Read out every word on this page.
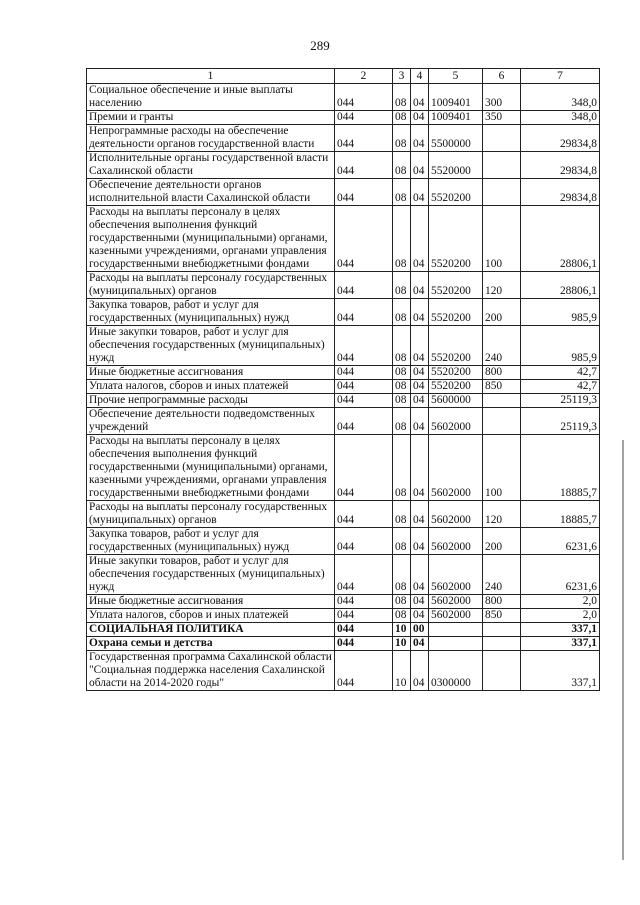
289
1	2	3	4	5	6	7
Социальное обеспечение и иные выплаты населению	044	08	04	1009401	300	348,0
Премии и гранты	044	08	04	1009401	350	348,0
Непрограммные расходы на обеспечение деятельности органов государственной власти	044	08	04	5500000		29834,8
Исполнительные органы государственной власти Сахалинской области	044	08	04	5520000		29834,8
Обеспечение деятельности органов исполнительной власти Сахалинской области	044	08	04	5520200		29834,8
Расходы на выплаты персоналу в целях обеспечения выполнения функций государственными (муниципальными) органами, казенными учреждениями, органами управления государственными внебюджетными фондами	044	08	04	5520200	100	28806,1
Расходы на выплаты персоналу государственных (муниципальных) органов	044	08	04	5520200	120	28806,1
Закупка товаров, работ и услуг для государственных (муниципальных) нужд	044	08	04	5520200	200	985,9
Иные закупки товаров, работ и услуг для обеспечения государственных (муниципальных) нужд	044	08	04	5520200	240	985,9
Иные бюджетные ассигнования	044	08	04	5520200	800	42,7
Уплата налогов, сборов и иных платежей	044	08	04	5520200	850	42,7
Прочие непрограммные расходы	044	08	04	5600000		25119,3
Обеспечение деятельности подведомственных учреждений	044	08	04	5602000		25119,3
Расходы на выплаты персоналу в целях обеспечения выполнения функций государственными (муниципальными) органами, казенными учреждениями, органами управления государственными внебюджетными фондами	044	08	04	5602000	100	18885,7
Расходы на выплаты персоналу государственных (муниципальных) органов	044	08	04	5602000	120	18885,7
Закупка товаров, работ и услуг для государственных (муниципальных) нужд	044	08	04	5602000	200	6231,6
Иные закупки товаров, работ и услуг для обеспечения государственных (муниципальных) нужд	044	08	04	5602000	240	6231,6
Иные бюджетные ассигнования	044	08	04	5602000	800	2,0
Уплата налогов, сборов и иных платежей	044	08	04	5602000	850	2,0
СОЦИАЛЬНАЯ ПОЛИТИКА	044	10	00			337,1
Охрана семьи и детства	044	10	04			337,1
Государственная программа Сахалинской области "Социальная поддержка населения Сахалинской области на 2014-2020 годы"	044	10	04	0300000		337,1
